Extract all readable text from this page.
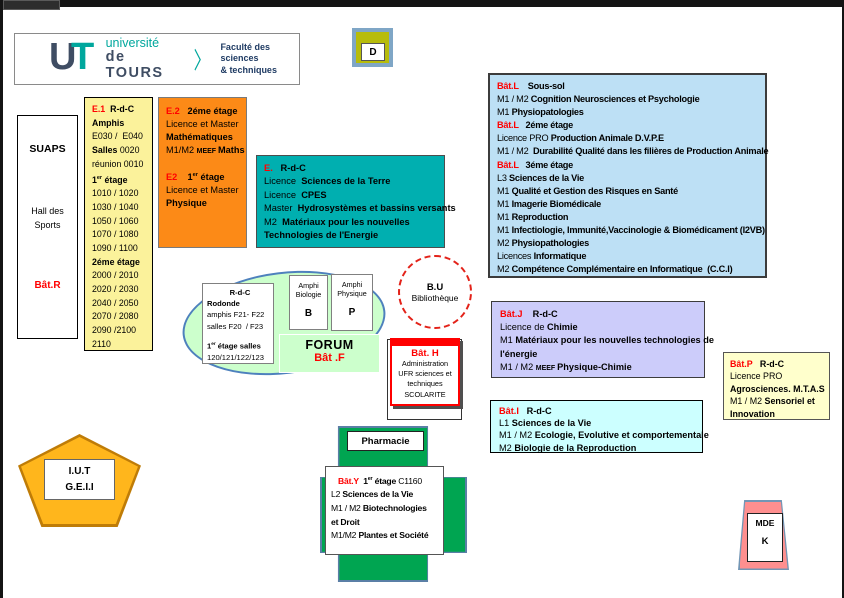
U
T université
de TOURS
〉
Faculté des sciences
& techniques
D
SUAPS
Hall des
Sports
Bât.R
E.1  R-d-C
Amphis
E030 /  E040
Salles 0020
réunion 0010
1er étage
1010 / 1020
1030 / 1040
1050 / 1060
1070 / 1080
1090 / 1100
2éme étage
2000 / 2010
2020 / 2030
2040 / 2050
2070 / 2080
2090 /2100
2110
E.2   2éme étage
Licence et Master
Mathématiques
M1/M2 MEEF Maths
E2    1er étage
Licence et Master
Physique
E.   R-d-C
Licence  Sciences de la Terre
Licence  CPES
Master  Hydrosystèmes et bassins versants
M2  Matériaux pour les nouvelles
Technologies de l'Energie
Bât.L    Sous-sol
M1 / M2 Cognition Neurosciences et Psychologie
M1 Physiopatologies
Bât.L   2éme étage
Licence PRO Production Animale D.V.P.E
M1 / M2  Durabilité Qualité dans les filières de Production Animale
Bât.L   3éme étage
L3 Sciences de la Vie
M1 Qualité et Gestion des Risques en Santé
M1 Imagerie Biomédicale
M1 Reproduction
M1 Infectiologie, Immunité,Vaccinologie & Biomédicament (I2VB)
M2 Physiopathologies
Licences Informatique
M2 Compétence Complémentaire en Informatique  (C.C.I)
R-d-C
Rodonde
amphis F21- F22
salles F20  / F23
1er étage salles
120/121/122/123
Amphi
Biologie
B
Amphi
Physique
P
FORUM
Bât .F
B.U
Bibliothèque
Bât. H
Administration
UFR sciences et
techniques
SCOLARITE
Bât.J    R-d-C
Licence de Chimie
M1 Matériaux pour les nouvelles technologies de
l'énergie
M1 / M2 MEEF Physique-Chimie
Bât.I   R-d-C
L1 Sciences de la Vie
M1 / M2 Ecologie, Evolutive et comportementale
M2 Biologie de la Reproduction
Bât.P   R-d-C
Licence PRO
Agrosciences. M.T.A.S
M1 / M2 Sensoriel et
Innovation
Pharmacie
Bât.Y  1er étage C1160
L2 Sciences de la Vie
M1 / M2 Biotechnologies
et Droit
M1/M2 Plantes et Société
I.U.T
G.E.I.I
MDE
K
